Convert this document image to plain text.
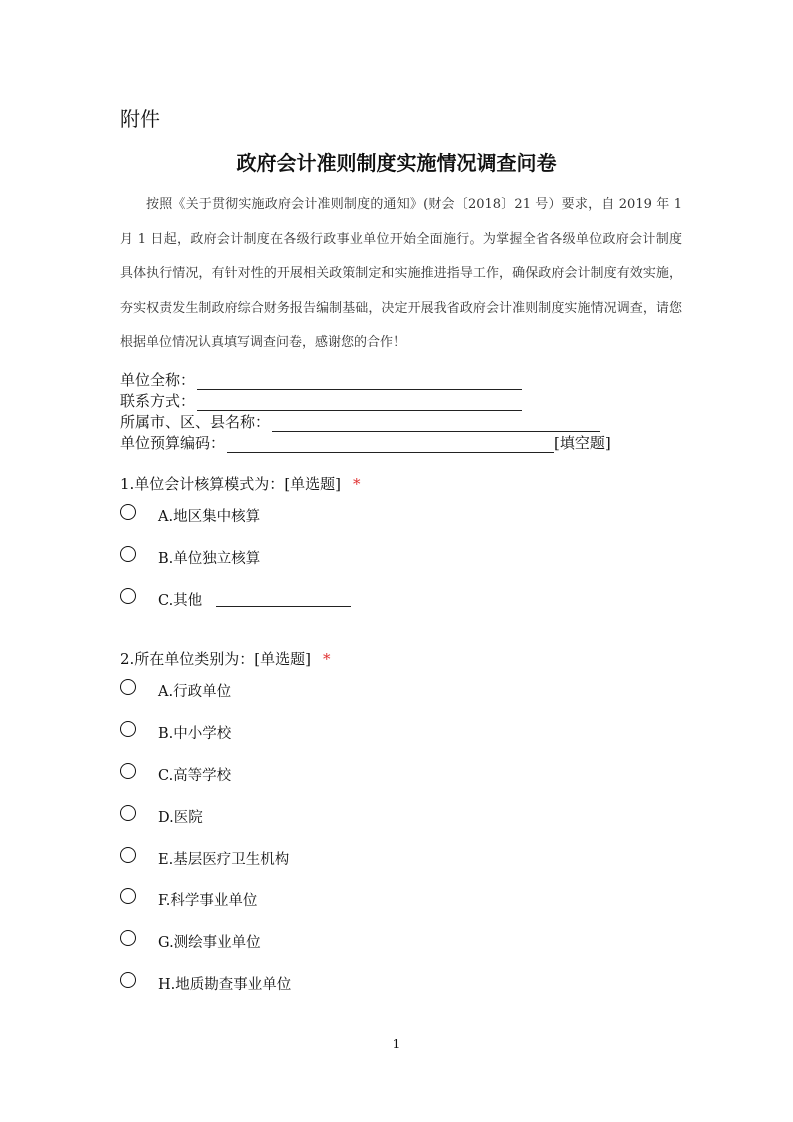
附件
政府会计准则制度实施情况调查问卷

按照《关于贯彻实施政府会计准则制度的通知》(财会〔2018〕21 号）要求，自 2019 年 1 月 1 日起，政府会计制度在各级行政事业单位开始全面施行。为掌握全省各级单位政府会计制度具体执行情况，有针对性的开展相关政策制定和实施推进指导工作，确保政府会计制度有效实施，夯实权责发生制政府综合财务报告编制基础，决定开展我省政府会计准则制度实施情况调查，请您根据单位情况认真填写调查问卷，感谢您的合作！

单位全称：
联系方式：
所属市、区、县名称：
单位预算编码：	[填空题]
1.单位会计核算模式为：[单选题] *
A.地区集中核算
B.单位独立核算
C.其他
2.所在单位类别为：[单选题] *
A.行政单位
B.中小学校
C.高等学校
D.医院
E.基层医疗卫生机构
F.科学事业单位
G.测绘事业单位
H.地质勘查事业单位
1
